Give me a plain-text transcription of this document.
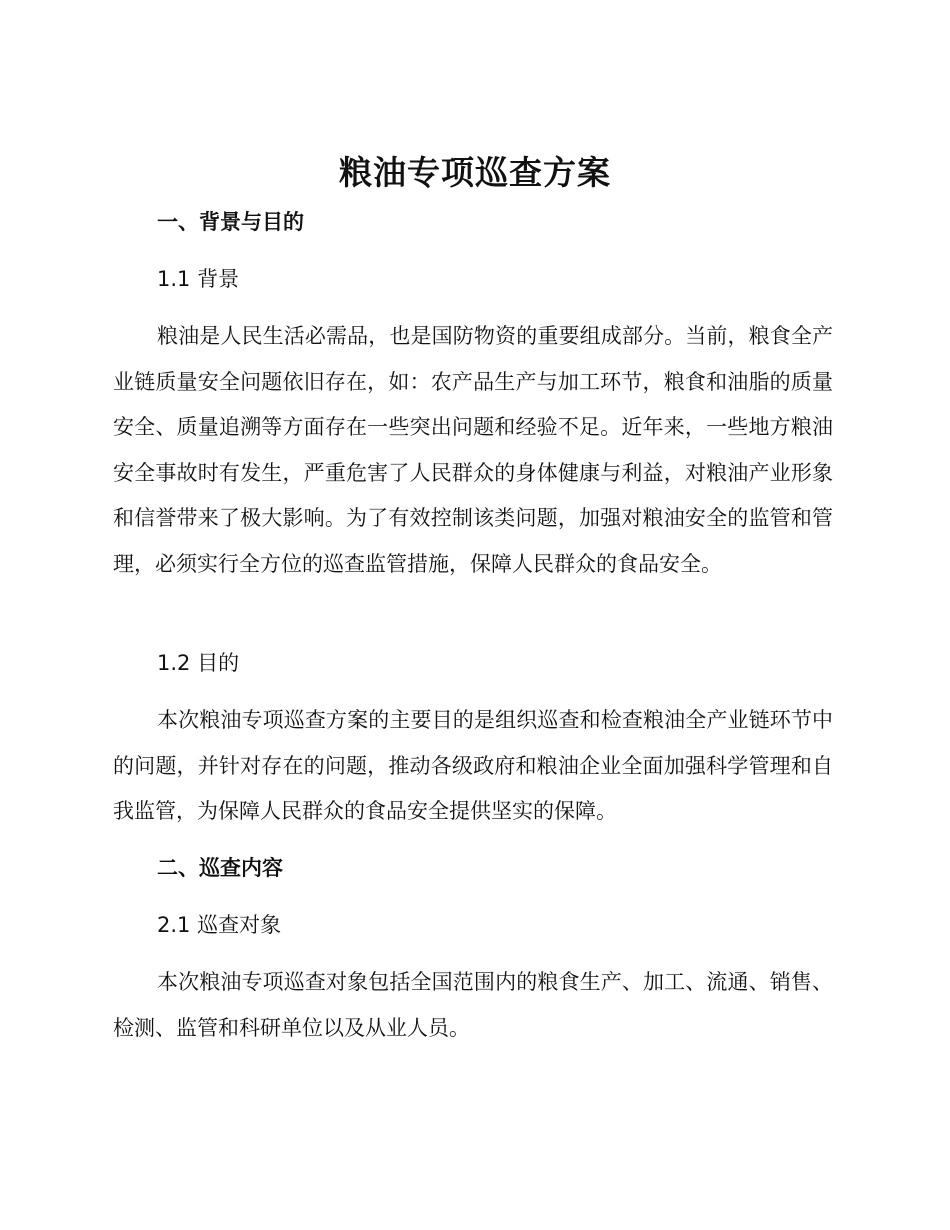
粮油专项巡查方案
一、背景与目的
1.1 背景

粮油是人民生活必需品，也是国防物资的重要组成部分。当前，粮食全产业链质量安全问题依旧存在，如：农产品生产与加工环节，粮食和油脂的质量安全、质量追溯等方面存在一些突出问题和经验不足。近年来，一些地方粮油安全事故时有发生，严重危害了人民群众的身体健康与利益，对粮油产业形象和信誉带来了极大影响。为了有效控制该类问题，加强对粮油安全的监管和管理，必须实行全方位的巡查监管措施，保障人民群众的食品安全。

1.2 目的

本次粮油专项巡查方案的主要目的是组织巡查和检查粮油全产业链环节中的问题，并针对存在的问题，推动各级政府和粮油企业全面加强科学管理和自我监管，为保障人民群众的食品安全提供坚实的保障。

二、巡查内容
2.1 巡查对象

本次粮油专项巡查对象包括全国范围内的粮食生产、加工、流通、销售、检测、监管和科研单位以及从业人员。
